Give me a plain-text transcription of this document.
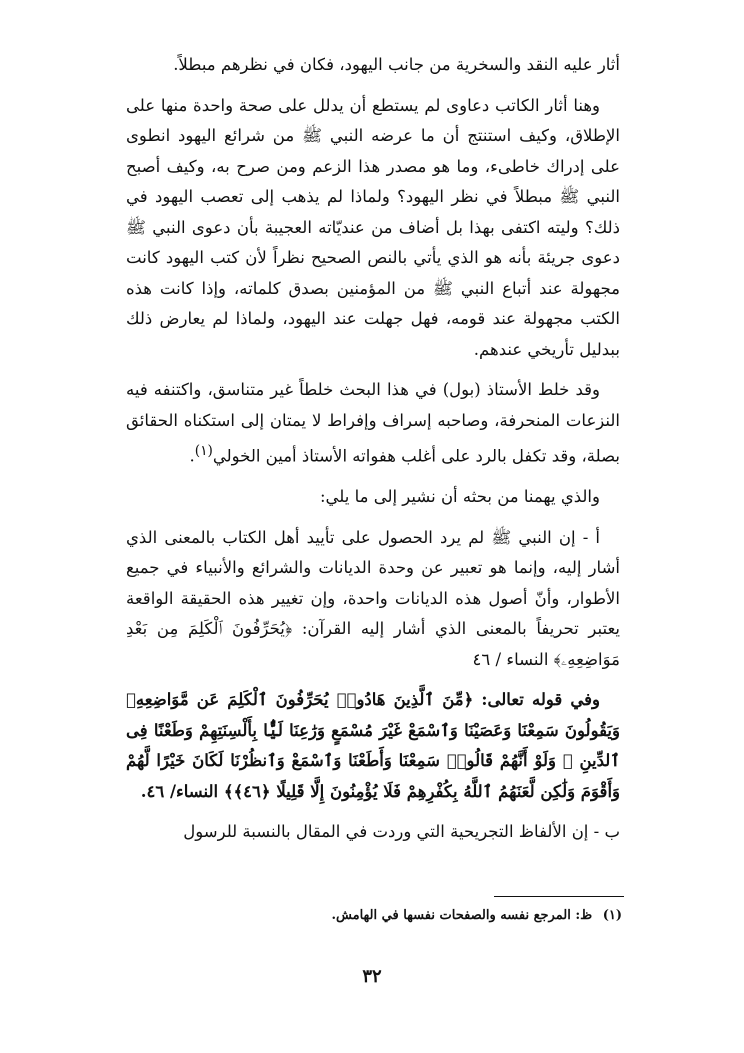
أثار عليه النقد والسخرية من جانب اليهود، فكان في نظرهم مبطلاً.

وهنا أثار الكاتب دعاوى لم يستطع أن يدلل على صحة واحدة منها على الإطلاق، وكيف استنتج أن ما عرضه النبي ﷺ من شرائع اليهود انطوى على إدراك خاطىء، وما هو مصدر هذا الزعم ومن صرح به، وكيف أصبح النبي ﷺ مبطلاً في نظر اليهود؟ ولماذا لم يذهب إلى تعصب اليهود في ذلك؟ وليته اكتفى بهذا بل أضاف من عنديّاته العجيبة بأن دعوى النبي ﷺ دعوى جريئة بأنه هو الذي يأتي بالنص الصحيح نظراً لأن كتب اليهود كانت مجهولة عند أتباع النبي ﷺ من المؤمنين بصدق كلماته، وإذا كانت هذه الكتب مجهولة عند قومه، فهل جهلت عند اليهود، ولماذا لم يعارض ذلك ببدليل تأريخي عندهم.

وقد خلط الأستاذ (بول) في هذا البحث خلطاً غير متناسق، واكتنفه فيه النزعات المنحرفة، وصاحبه إسراف وإفراط لا يمتان إلى استكناه الحقائق بصلة، وقد تكفل بالرد على أغلب هفواته الأستاذ أمين الخولي$^{(١)}$.

والذي يهمنا من بحثه أن نشير إلى ما يلي:

أ - إن النبي ﷺ لم يرد الحصول على تأييد أهل الكتاب بالمعنى الذي أشار إليه، وإنما هو تعبير عن وحدة الديانات والشرائع والأنبياء في جميع الأطوار، وأنّ أصول هذه الديانات واحدة، وإن تغيير هذه الحقيقة الواقعة يعتبر تحريفاً بالمعنى الذي أشار إليه القرآن: ﴿يُحَرِّفُونَ ٱلْكَلِمَ مِن بَعْدِ مَوَاضِعِهِۦ﴾ النساء / ٤٦

وفي قوله تعالى: ﴿مِّنَ ٱلَّذِينَ هَادُوا۟ يُحَرِّفُونَ ٱلْكَلِمَ عَن مَّوَاضِعِهِۦ وَيَقُولُونَ سَمِعْنَا وَعَصَيْنَا وَٱسْمَعْ غَيْرَ مُسْمَعٍ وَرَٰعِنَا لَيًّۢا بِأَلْسِنَتِهِمْ وَطَعْنًا فِى ٱلدِّينِ ۚ وَلَوْ أَنَّهُمْ قَالُوا۟ سَمِعْنَا وَأَطَعْنَا وَٱسْمَعْ وَٱنظُرْنَا لَكَانَ خَيْرًا لَّهُمْ وَأَقْوَمَ وَلَٰكِن لَّعَنَهُمُ ٱللَّهُ بِكُفْرِهِمْ فَلَا يُؤْمِنُونَ إِلَّا قَلِيلًا ﴿٤٦﴾﴾ النساء/ ٤٦.

ب - إن الألفاظ التجريحية التي وردت في المقال بالنسبة للرسول

(١) ظ: المرجع نفسه والصفحات نفسها في الهامش.
٣٢
